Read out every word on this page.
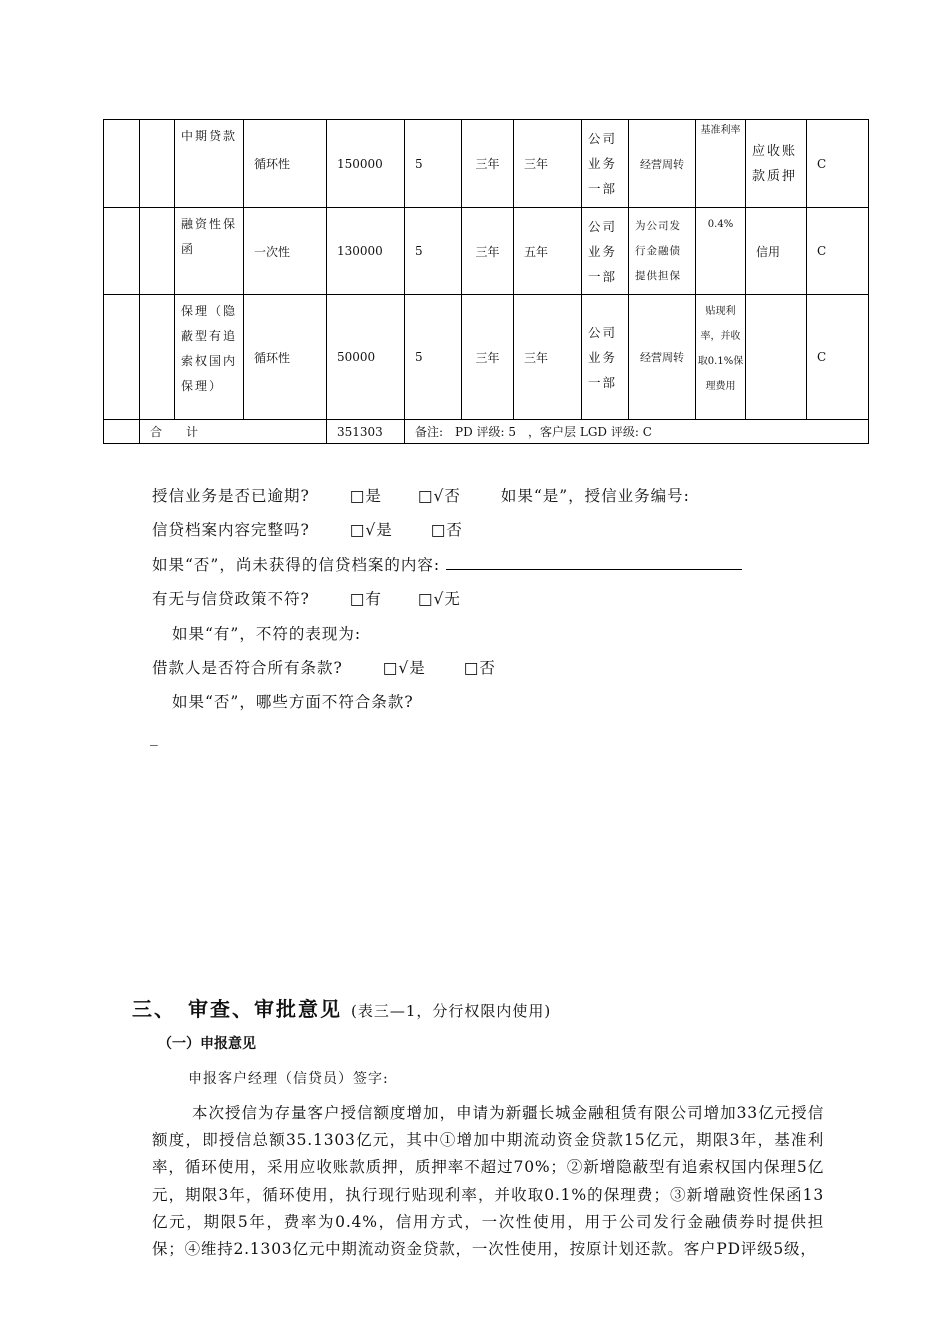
		中期贷款	循环性	150000	5	三年	三年	公司业务一部	经营周转	基准利率	应收账款质押	C
		融资性保函	一次性	130000	5	三年	五年	公司业务一部	为公司发行金融债提供担保	0.4%	信用	C
		保理（隐蔽型有追索权国内保理）	循环性	50000	5	三年	三年	公司业务一部	经营周转	贴现利率，并收取0.1%保理费用		C
	合　　计			351303	备注:　PD 评级: 5　，客户层 LGD 评级: C							
授信业务是否已逾期?	□是 □√否	如果“是”，授信业务编号:
信贷档案内容完整吗?	□√是 □否
如果“否”，尚未获得的信贷档案的内容:
有无与信贷政策不符?	□有 □√无
如果“有”，不符的表现为:
借款人是否符合所有条款?	□√是 □否
如果“否”，哪些方面不符合条款?
_
三、　审查、审批意见 (表三—1，分行权限内使用)
（一）申报意见
申报客户经理（信贷员）签字:
本次授信为存量客户授信额度增加，申请为新疆长城金融租赁有限公司增加33亿元授信额度，即授信总额35.1303亿元，其中①增加中期流动资金贷款15亿元，期限3年，基准利率，循环使用，采用应收账款质押，质押率不超过70%；②新增隐蔽型有追索权国内保理5亿元，期限3年，循环使用，执行现行贴现利率，并收取0.1%的保理费；③新增融资性保函13亿元，期限5年，费率为0.4%，信用方式，一次性使用，用于公司发行金融债券时提供担保；④维持2.1303亿元中期流动资金贷款，一次性使用，按原计划还款。客户PD评级5级，
